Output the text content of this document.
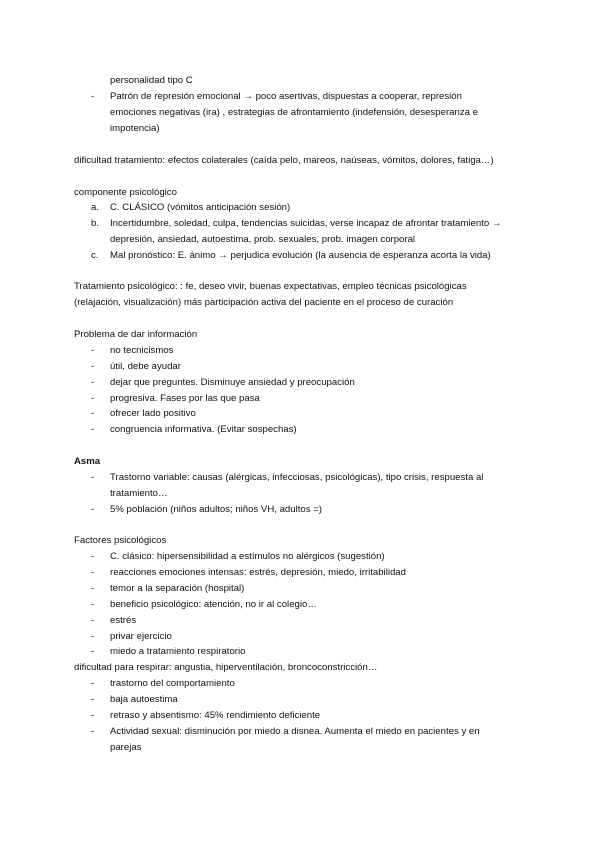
personalidad tipo C
- Patrón de represión emocional → poco asertivas, dispuestas a cooperar, represión
emociones negativas (ira) , estrategias de afrontamiento (indefensión, desesperanza e
impotencia)
dificultad tratamiento: efectos colaterales (caída pelo, mareos, naúseas, vómitos, dolores, fatiga…)
componente psicológico
a. C. CLÁSICO (vómitos anticipación sesión)
b. Incertidumbre, soledad, culpa, tendencias suicidas, verse incapaz de afrontar tratamiento →
depresión, ansiedad, autoestima, prob. sexuales, prob. imagen corporal
c. Mal pronóstico: E. ánimo → perjudica evolución (la ausencia de esperanza acorta la vida)
Tratamiento psicológico: : fe, deseo vivir, buenas expectativas, empleo técnicas psicológicas
(relajación, visualización) más participación activa del paciente en el proceso de curación
Problema de dar información
- no tecnicismos
- útil, debe ayudar
- dejar que preguntes. Disminuye ansiedad y preocupación
- progresiva. Fases por las que pasa
- ofrecer lado positivo
- congruencia informativa. (Evitar sospechas)
Asma
- Trastorno variable: causas (alérgicas, infecciosas, psicológicas), tipo crisis, respuesta al
tratamiento…
- 5% población (niños adultos; niños VH, adultos =)
Factores psicológicos
- C. clásico: hipersensibilidad a estímulos no alérgicos (sugestión)
- reacciones emociones intensas: estrés, depresión, miedo, irritabilidad
- temor a la separación (hospital)
- beneficio psicológico: atención, no ir al colegio…
- estrés
- privar ejercicio
- miedo a tratamiento respiratorio
dificultad para respirar: angustia, hiperventilación, broncoconstricción…
- trastorno del comportamiento
- baja autoestima
- retraso y absentismo: 45% rendimiento deficiente
- Actividad sexual: disminución por miedo a disnea. Aumenta el miedo en pacientes y en
parejas
